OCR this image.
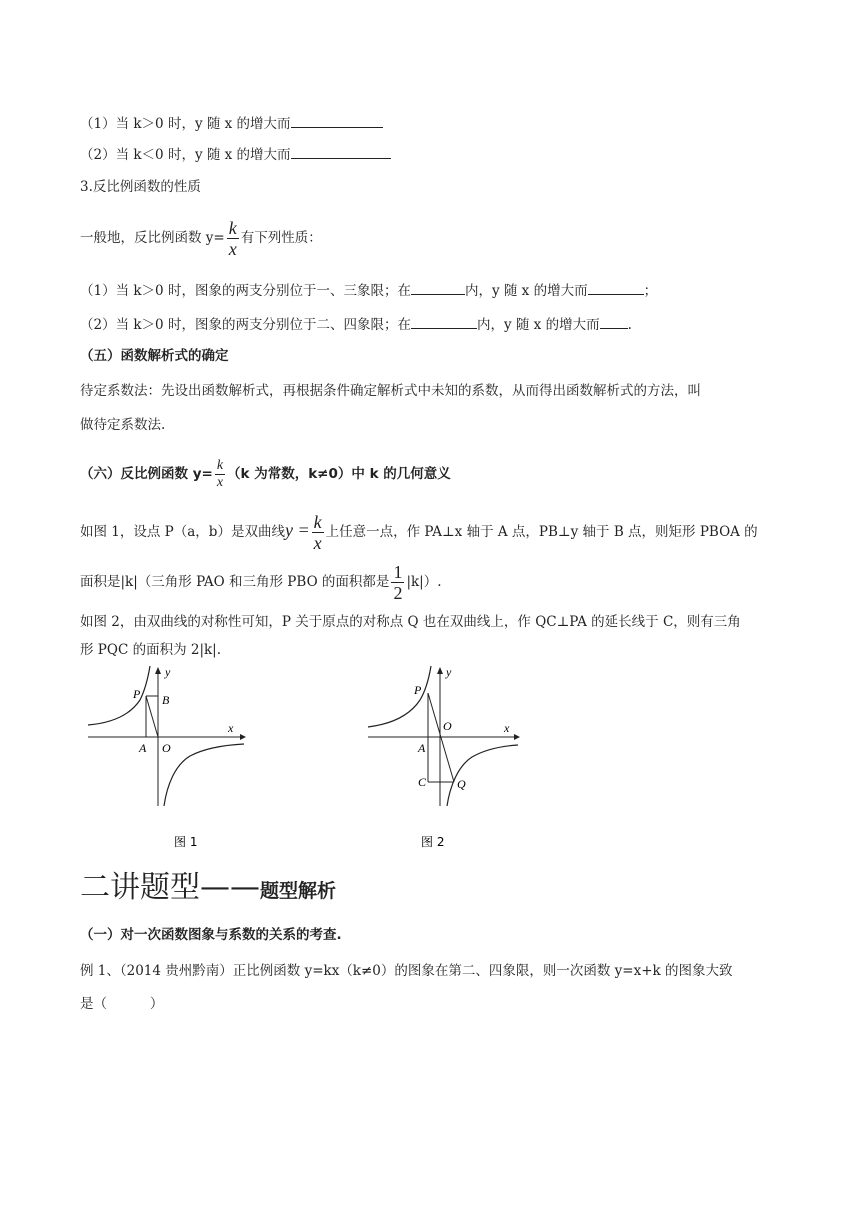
（1）当 k＞0 时，y 随 x 的增大而
（2）当 k＜0 时，y 随 x 的增大而
3.反比例函数的性质
一般地，反比例函数 $y= \frac{k}{x}$ 有下列性质：
（1）当 k＞0 时，图象的两支分别位于一、三象限；在	内，y 随 x 的增大而	；
（2）当 k＞0 时，图象的两支分别位于二、四象限；在	内，y 随 x 的增大而 .
（五）函数解析式的确定
待定系数法：先设出函数解析式，再根据条件确定解析式中未知的系数，从而得出函数解析式的方法，叫
做待定系数法.
（六）反比例函数 $y= \frac{k}{x} (k$ 为常数，k≠0）中 k 的几何意义
如图 1，设点 P（a，b）是双曲线$y = \frac{k}{x}$ 上任意一点，作 PA⊥x 轴于 A 点，PB⊥y 轴于 B 点，则矩形 PBOA 的
面积是|k|（三角形 PAO 和三角形 PBO 的面积都是 $\frac{1}{2} |k|$）.
如图 2，由双曲线的对称性可知，P 关于原点的对称点 Q 也在双曲线上，作 QC⊥PA 的延长线于 C，则有三角
形 PQC 的面积为 2|k|.
P B
A O
x
y
图 1
P
A
O
C	Q
x
y
图 2
二讲题型——题型解析
（一）对一次函数图象与系数的关系的考查.
例 1、（2014 贵州黔南）正比例函数 y=kx（k≠0）的图象在第二、四象限，则一次函数 y=x+k 的图象大致
是（          ）
